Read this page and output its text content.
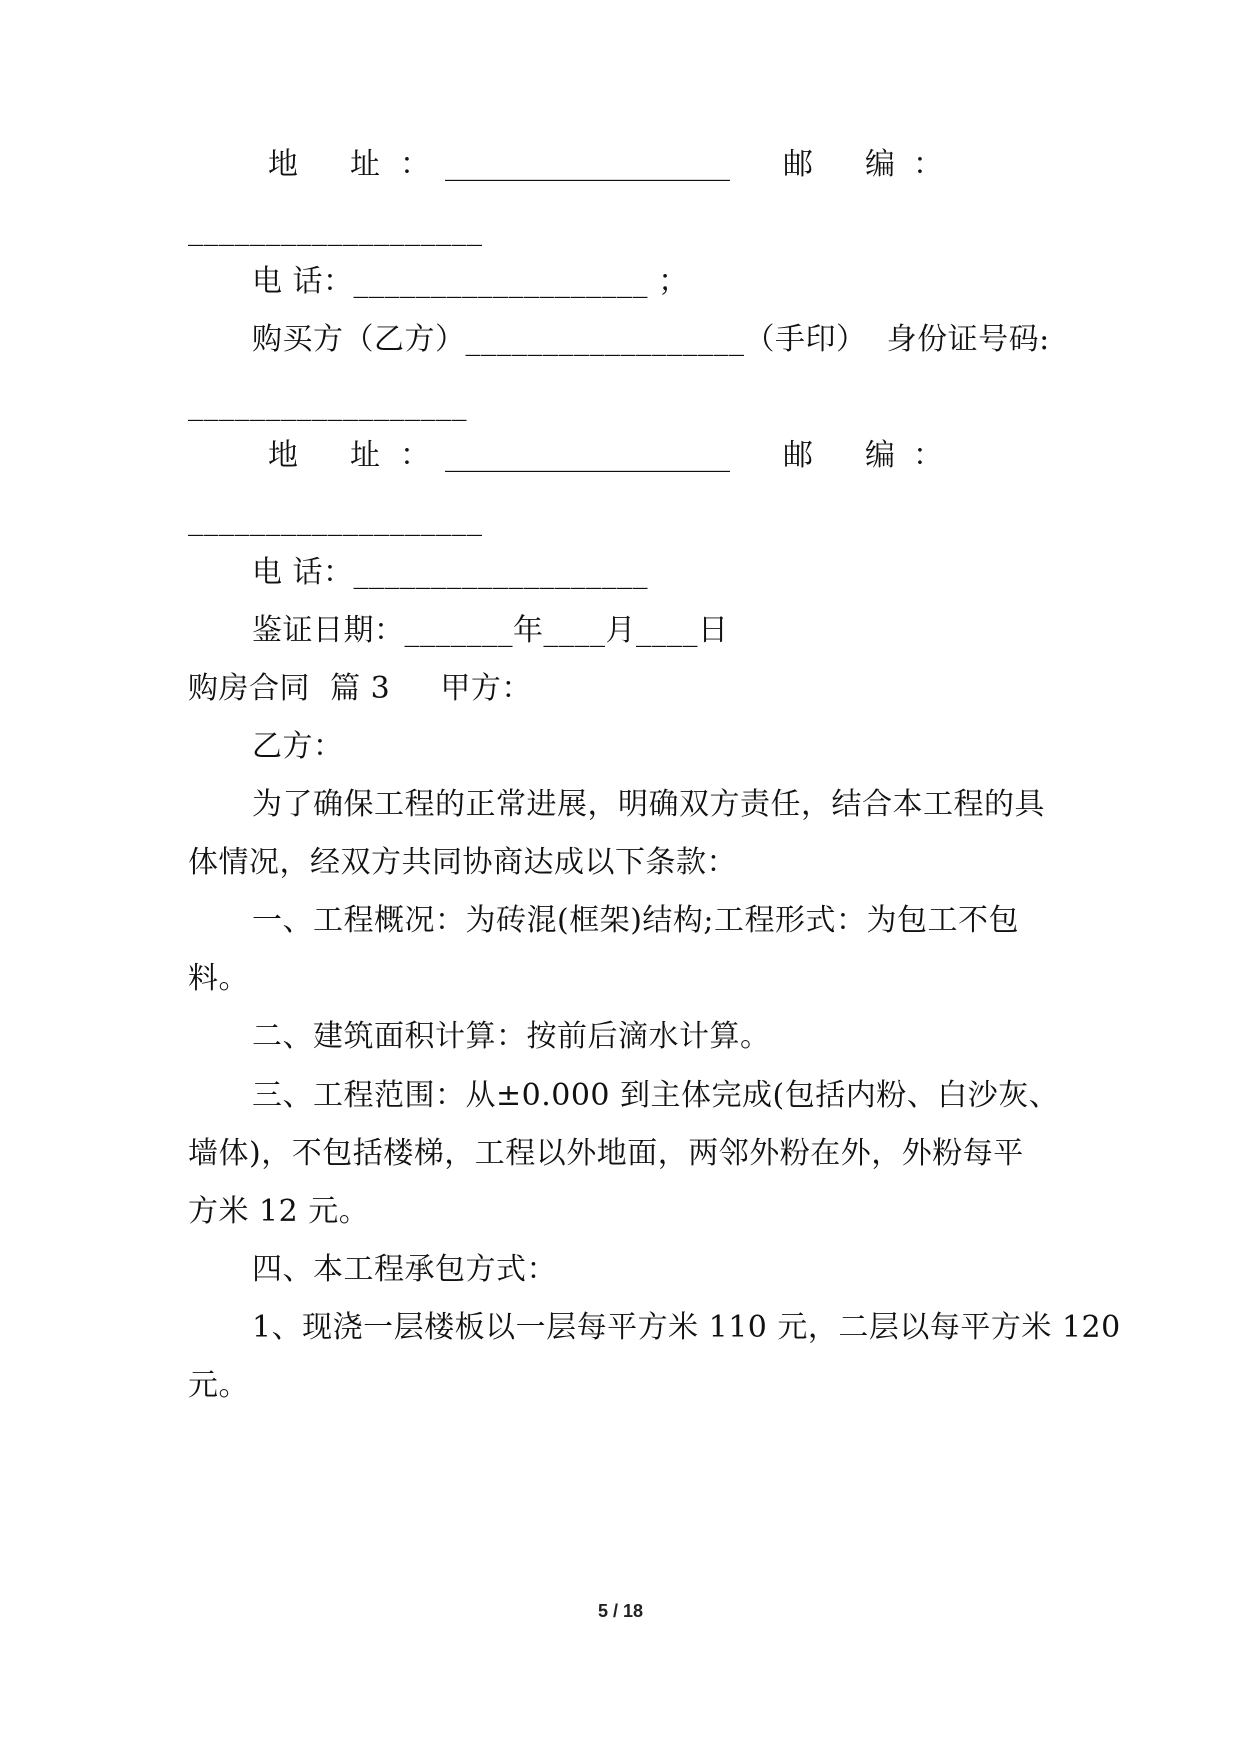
地

址

：

___________________

邮

编

：

___________________
电 话：___________________ ；
购买方（乙方）__________________（手印）  身份证号码:
__________________

地

址

：

___________________

邮

编

：

___________________
电 话：___________________
鉴证日期：_______年____月____日
购房合同  篇 3     甲方：
乙方：
为了确保工程的正常进展，明确双方责任，结合本工程的具
体情况，经双方共同协商达成以下条款：
一、工程概况：为砖混(框架)结构;工程形式：为包工不包
料。
二、建筑面积计算：按前后滴水计算。
三、工程范围：从±0.000 到主体完成(包括内粉、白沙灰、
墙体)，不包括楼梯，工程以外地面，两邻外粉在外，外粉每平
方米 12 元。
四、本工程承包方式：
1、现浇一层楼板以一层每平方米 110 元，二层以每平方米 120
元。
5 / 18
